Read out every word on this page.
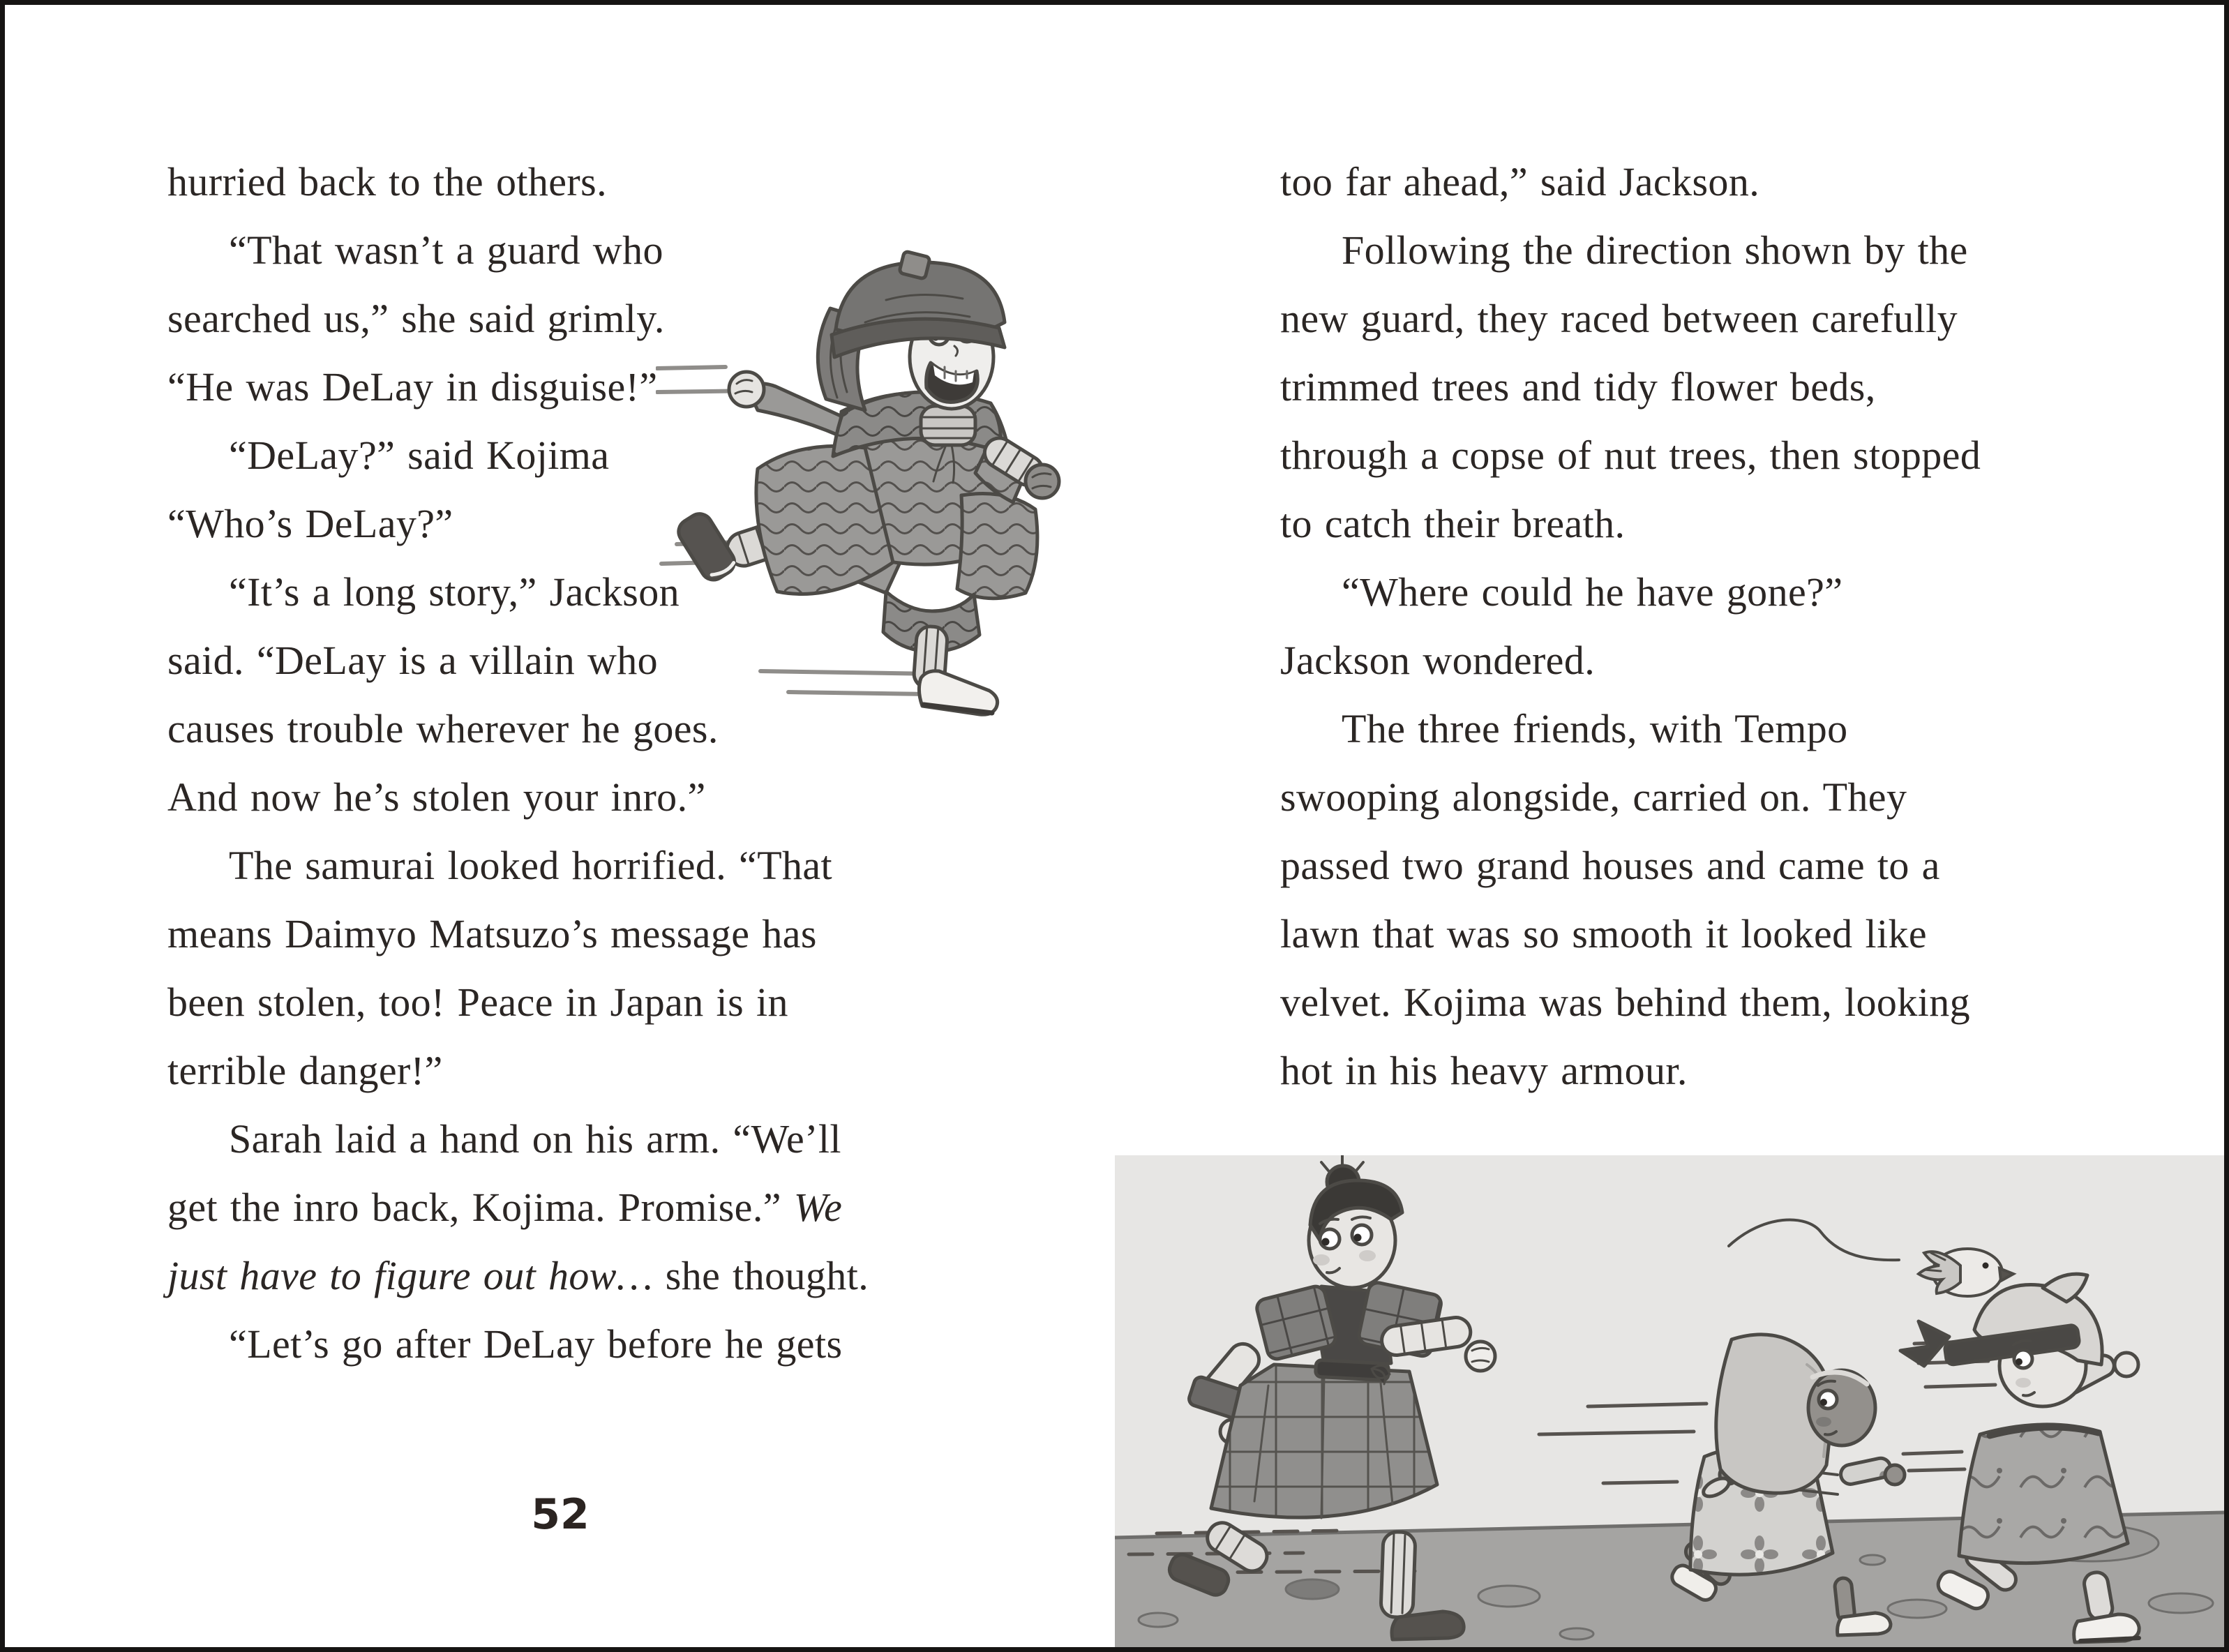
hurried back to the others.
“That wasn’t a guard who
searched us,” she said grimly.
“He was DeLay in disguise!”
“DeLay?” said Kojima
“Who’s DeLay?”
“It’s a long story,” Jackson
said. “DeLay is a villain who
causes trouble wherever he goes.
And now he’s stolen your inro.”
The samurai looked horrified. “That
means Daimyo Matsuzo’s message has
been stolen, too! Peace in Japan is in
terrible danger!”
Sarah laid a hand on his arm. “We’ll
get the inro back, Kojima. Promise.” We
just have to figure out how… she thought.
“Let’s go after DeLay before he gets
52
too far ahead,” said Jackson.
Following the direction shown by the
new guard, they raced between carefully
trimmed trees and tidy flower beds,
through a copse of nut trees, then stopped
to catch their breath.
“Where could he have gone?”
Jackson wondered.
The three friends, with Tempo
swooping alongside, carried on. They
passed two grand houses and came to a
lawn that was so smooth it looked like
velvet. Kojima was behind them, looking
hot in his heavy armour.
